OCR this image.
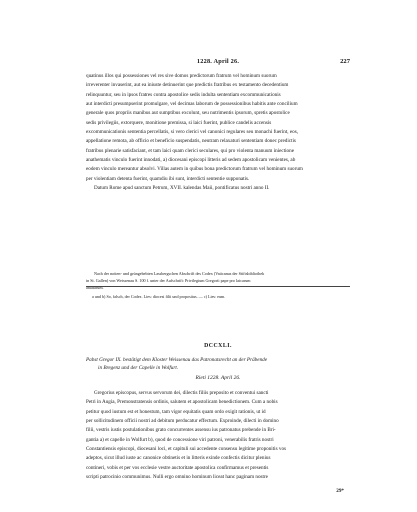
1228. April 26.	227
quatinus illos qui possessiones vel res sive domos predictorum fratrum vel hominum suorum
irreverenter invaserint, aut ea iniuste detinuerint que predictis fratribus ex testamento decedentium
relinquuntur, seu in ipsos fratres contra apostolice sedis indulta sententiam excommunicationis
aut interdicti presumpserint promulgare, vel decimas laborum de possessionibus habitis ante concilium
generale quos propriis manibus aut sumptibus excolunt, seu nutrimentis ipsorum, spretis apostolice
sedis privilegiis, extorquere, monitione premissa, si laici fuerint, publice candelis accensis
excommunicationis sententia percellatis, si vero clerici vel canonici regulares seu monachi fuerint, eos,
appellatione remota, ab officio et beneficio suspendatis, neutram relaxaturi sententiam donec predictis
fratribus plenarie satisfaciant, et tam laici quam clerici seculares, qui pro violenta manuum iniectione
anathematis vinculo fuerint innodati, a) diocesani episcopi litteris ad sedem apostolicam venientes, ab
eodem vinculo mereantur absolvi. Villas autem in quibus bona predictorum fratrum vel hominum suorum
per violentiam detenta fuerint, quamdiu ibi sunt, interdicti sententie supponatis.
Datum Rome apud sanctum Petrum, XVII. kalendas Maii, pontificatus nostri anno II.
Nach der notten- und grüngebebten Lassbergschen Abschrift des Codex (Vaticanus der Stiftsbibliothek
in St. Gallen) von Weissenau S. 100 f. unter der Aufschrift: Privilegium Gregorii pape pro laicarum
ablatarum.
a und b) So, falsch, der Codex. Lies: diocesi filii und propositus. — c) Lies: eum.
DCCXLI.
Pabst Gregor IX. bestätigt dem Kloster Weissenau das Patronatsrecht an der Präbende
in Bregenz und der Capelle in Wolfurt.
Rieti 1228. April 26.
Gregorius episcopus, servus servorum dei, dilectis filiis preposito et conventui sancti
Petri in Augia, Premonstratensis ordinis, salutem et apostolicam benedictionem. Cum a nobis
petitur quod iustum est et honestum, tam vigor equitatis quam ordo exigit rationis, ut id
per sollicitudinem officii nostri ad debitum perducatur effectum. Exproinde, dilecti in domino
filii, vestris iustis postulationibus grato concurrentes assensu ius patronatus prebende in Bri-
gantia a) et capelle in Wolfurt b), quod de concessione viri patroni, venerabilis fratris nostri
Constantiensis episcopi, diocesani loci, et capituli sui accedente consensu legitime proponitis vos
adeptos, sicut illud iuste ac canonice obtinetis et in litteris exinde confectis dicitur plenius
contineri, vobis et per vos ecclesie vestre auctoritate apostolica confirmamus et presentis
scripti patrocinio communimus. Nulli ergo omnino hominum liceat hanc paginam nostre
29*
